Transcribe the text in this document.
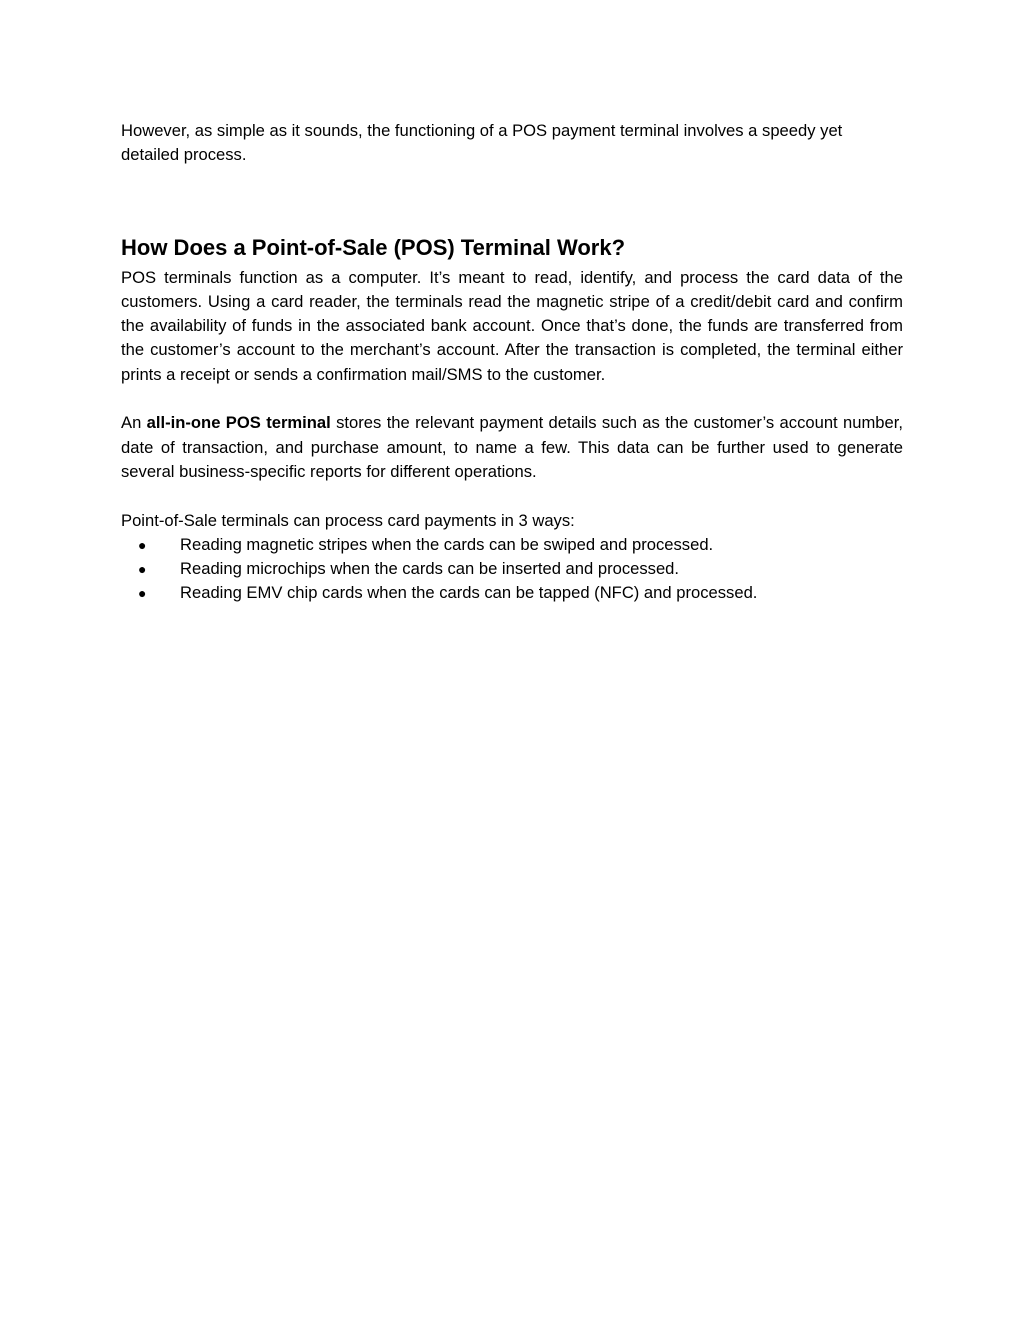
However, as simple as it sounds, the functioning of a POS payment terminal involves a speedy yet detailed process.

How Does a Point-of-Sale (POS) Terminal Work?

POS terminals function as a computer. It’s meant to read, identify, and process the card data of the customers. Using a card reader, the terminals read the magnetic stripe of a credit/debit card and confirm the availability of funds in the associated bank account. Once that’s done, the funds are transferred from the customer’s account to the merchant’s account. After the transaction is completed, the terminal either prints a receipt or sends a confirmation mail/SMS to the customer.

An all-in-one POS terminal stores the relevant payment details such as the customer’s account number, date of transaction, and purchase amount, to name a few. This data can be further used to generate several business-specific reports for different operations.

Point-of-Sale terminals can process card payments in 3 ways:

● Reading magnetic stripes when the cards can be swiped and processed.
● Reading microchips when the cards can be inserted and processed.
● Reading EMV chip cards when the cards can be tapped (NFC) and processed.
